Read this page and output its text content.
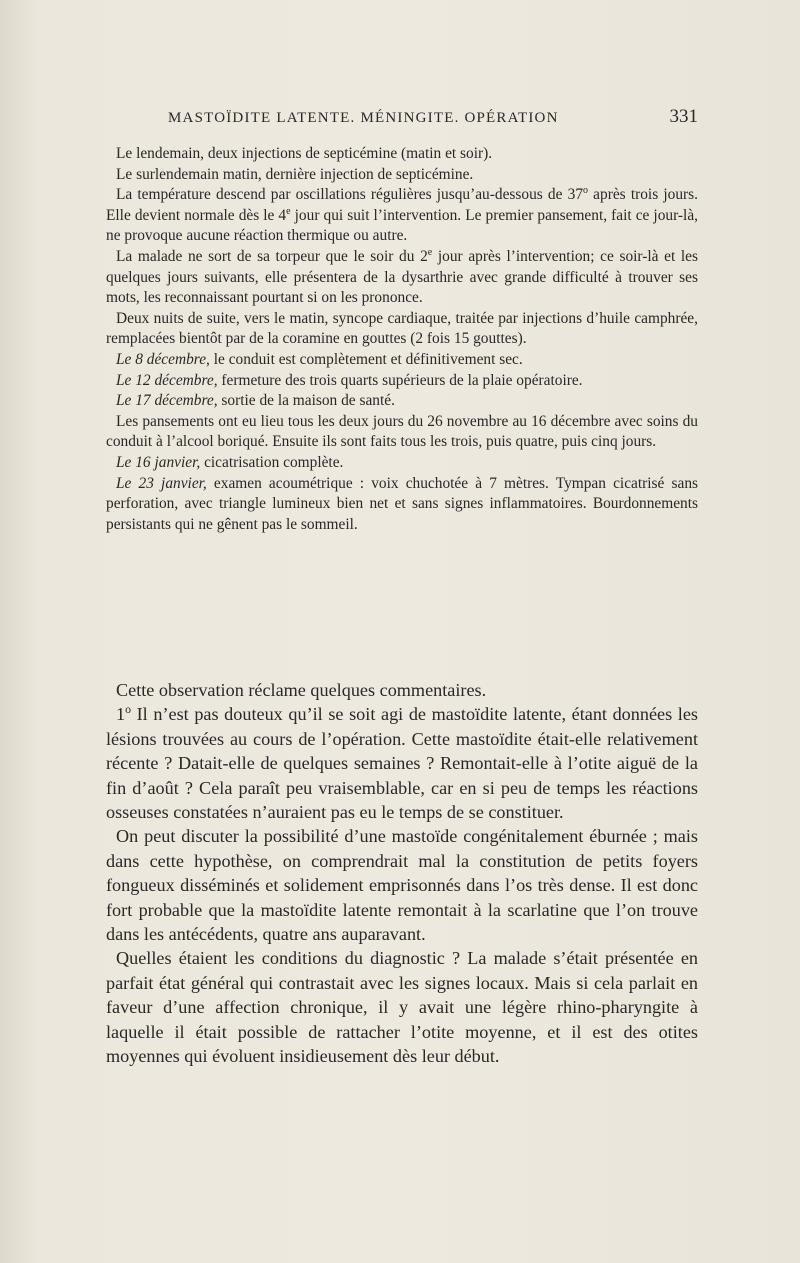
MASTOÏDITE LATENTE. MÉNINGITE. OPÉRATION	331

Le lendemain, deux injections de septicémine (matin et soir).

Le surlendemain matin, dernière injection de septicémine.

La température descend par oscillations régulières jusqu’au-dessous de 37$^o$ après trois jours. Elle devient normale dès le 4e jour qui suit l’intervention. Le premier pansement, fait ce jour-là, ne provoque aucune réaction thermique ou autre.

La malade ne sort de sa torpeur que le soir du 2e jour après l’intervention; ce soir-là et les quelques jours suivants, elle présentera de la dysarthrie avec grande difficulté à trouver ses mots, les reconnaissant pourtant si on les prononce.

Deux nuits de suite, vers le matin, syncope cardiaque, traitée par injections d’huile camphrée, remplacées bientôt par de la coramine en gouttes (2 fois 15 gouttes).

Le 8 décembre, le conduit est complètement et définitivement sec.

Le 12 décembre, fermeture des trois quarts supérieurs de la plaie opératoire.

Le 17 décembre, sortie de la maison de santé.

Les pansements ont eu lieu tous les deux jours du 26 novembre au 16 décembre avec soins du conduit à l’alcool boriqué. Ensuite ils sont faits tous les trois, puis quatre, puis cinq jours.

Le 16 janvier, cicatrisation complète.

Le 23 janvier, examen acoumétrique : voix chuchotée à 7 mètres. Tympan cicatrisé sans perforation, avec triangle lumineux bien net et sans signes inflammatoires. Bourdonnements persistants qui ne gênent pas le sommeil.

Cette observation réclame quelques commentaires.

1$^o$ Il n’est pas douteux qu’il se soit agi de mastoïdite latente, étant données les lésions trouvées au cours de l’opération. Cette mastoïdite était-elle relativement récente ? Datait-elle de quelques semaines ? Remontait-elle à l’otite aiguë de la fin d’août ? Cela paraît peu vraisemblable, car en si peu de temps les réactions osseuses constatées n’auraient pas eu le temps de se constituer.

On peut discuter la possibilité d’une mastoïde congénitalement éburnée ; mais dans cette hypothèse, on comprendrait mal la constitution de petits foyers fongueux disséminés et solidement emprisonnés dans l’os très dense. Il est donc fort probable que la mastoïdite latente remontait à la scarlatine que l’on trouve dans les antécédents, quatre ans auparavant.

Quelles étaient les conditions du diagnostic ? La malade s’était présentée en parfait état général qui contrastait avec les signes locaux. Mais si cela parlait en faveur d’une affection chronique, il y avait une légère rhino-pharyngite à laquelle il était possible de rattacher l’otite moyenne, et il est des otites moyennes qui évoluent insidieusement dès leur début.
